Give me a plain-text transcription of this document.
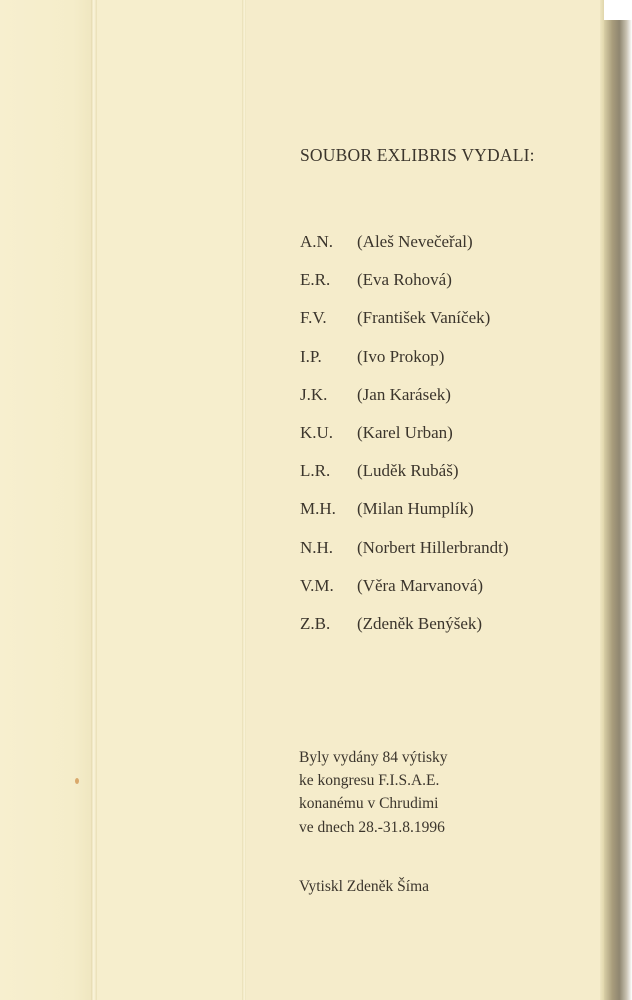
SOUBOR EXLIBRIS VYDALI:
A.N.	(Aleš Nevečeřal)
E.R.	(Eva Rohová)
F.V.	(František Vaníček)
I.P.	(Ivo Prokop)
J.K.	(Jan Karásek)
K.U.	(Karel Urban)
L.R.	(Luděk Rubáš)
M.H.	(Milan Humplík)
N.H.	(Norbert Hillerbrandt)
V.M.	(Věra Marvanová)
Z.B.	(Zdeněk Benýšek)
Byly vydány 84 výtisky
ke kongresu F.I.S.A.E.
konanému v Chrudimi
ve dnech 28.-31.8.1996

Vytiskl Zdeněk Šíma
